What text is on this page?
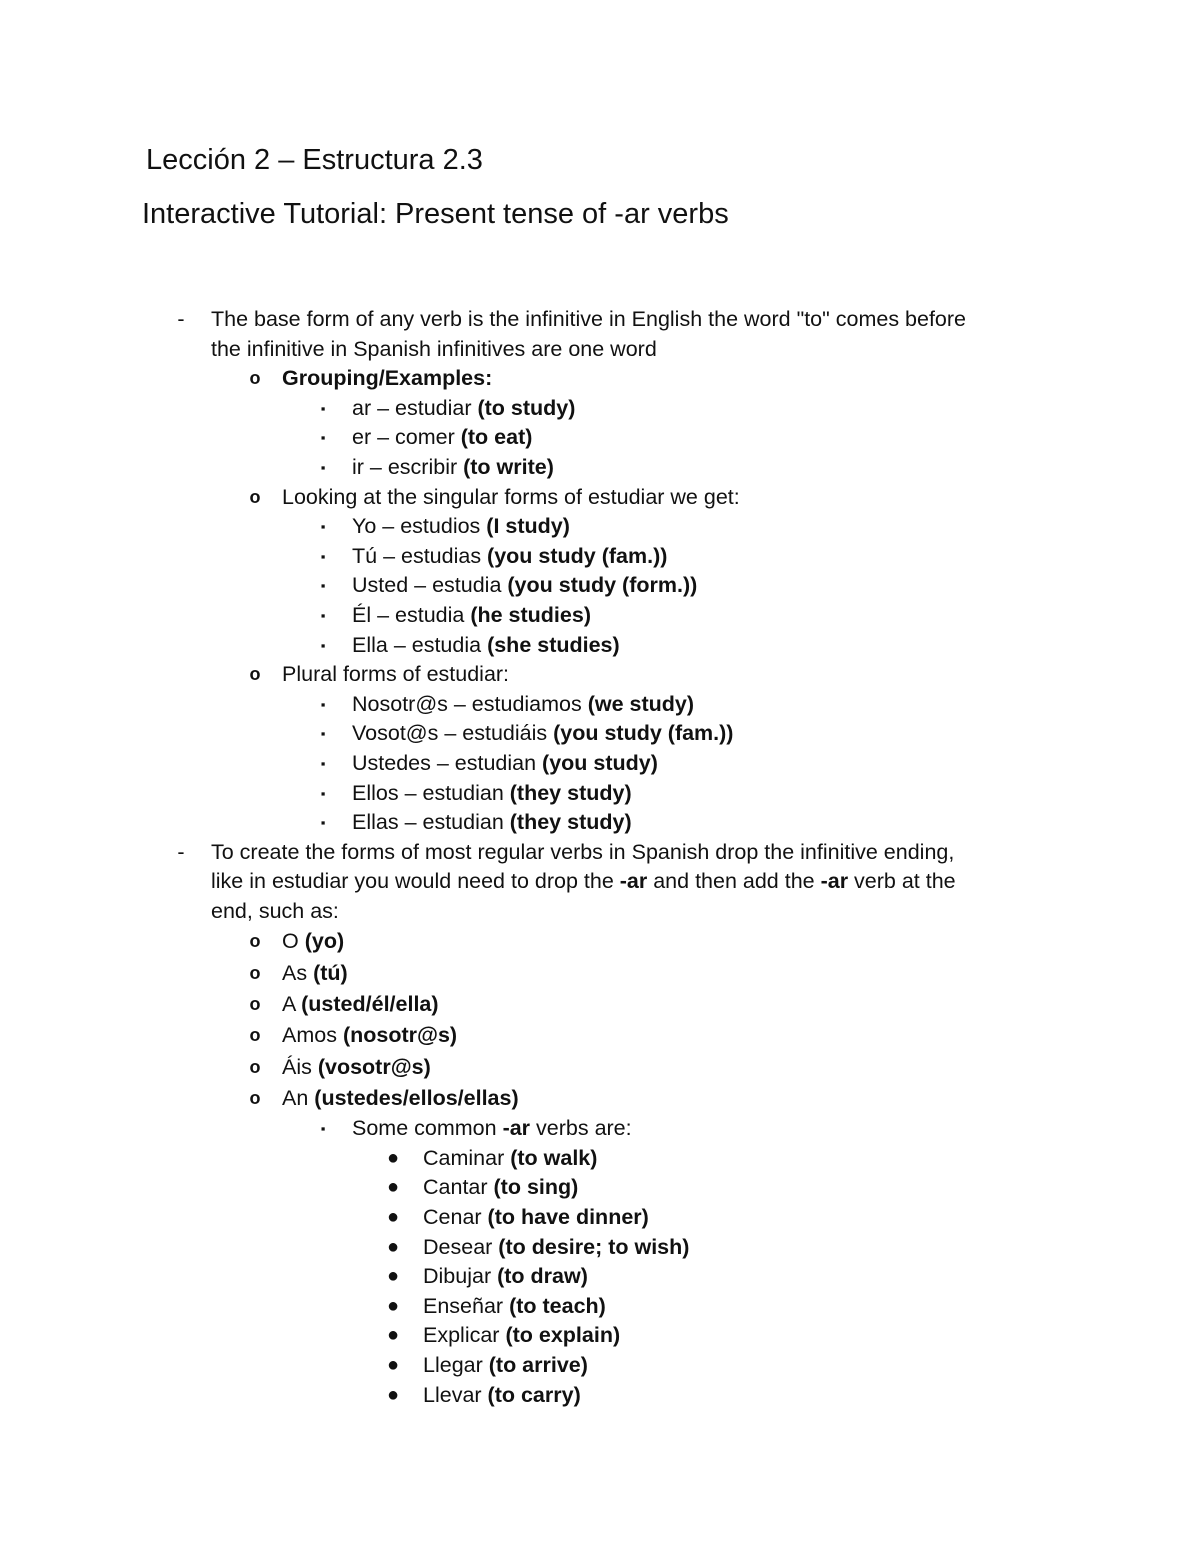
Lección 2 – Estructura 2.3
Interactive Tutorial: Present tense of -ar verbs
-	The base form of any verb is the infinitive in English the word "to" comes before
the infinitive in Spanish infinitives are one word
o	Grouping/Examples:
▪	ar – estudiar (to study)
▪	er – comer (to eat)
▪	ir – escribir (to write)
o	Looking at the singular forms of estudiar we get:
▪	Yo – estudios (I study)
▪	Tú – estudias (you study (fam.))
▪	Usted – estudia (you study (form.))
▪	Él – estudia (he studies)
▪	Ella – estudia (she studies)
o	Plural forms of estudiar:
▪	Nosotr@s – estudiamos (we study)
▪	Vosot@s – estudiáis (you study (fam.))
▪	Ustedes – estudian (you study)
▪	Ellos – estudian (they study)
▪	Ellas – estudian (they study)
-	To create the forms of most regular verbs in Spanish drop the infinitive ending,
like in estudiar you would need to drop the -ar and then add the -ar verb at the
end, such as:
o	O (yo)
o	As (tú)
o	A (usted/él/ella)
o	Amos (nosotr@s)
o	Áis (vosotr@s)
o	An (ustedes/ellos/ellas)
▪	Some common -ar verbs are:
● Caminar (to walk)
● Cantar (to sing)
● Cenar (to have dinner)
● Desear (to desire; to wish)
● Dibujar (to draw)
● Enseñar (to teach)
● Explicar (to explain)
● Llegar (to arrive)
● Llevar (to carry)
